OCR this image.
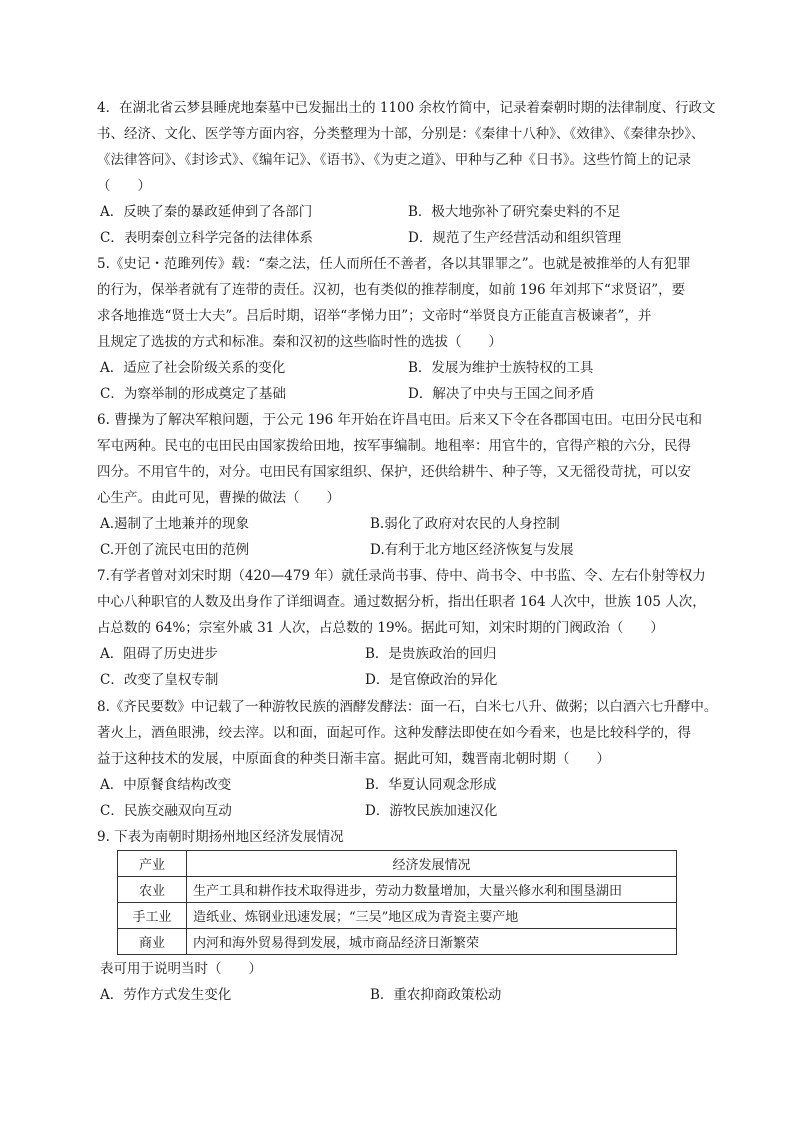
4．在湖北省云梦县睡虎地秦墓中已发掘出土的 1100 余枚竹简中，记录着秦朝时期的法律制度、行政文
书、经济、文化、医学等方面内容，分类整理为十部，分别是：《秦律十八种》、《效律》、《秦律杂抄》、
《法律答问》、《封诊式》、《编年记》、《语书》、《为吏之道》、甲种与乙种《日书》。这些竹简上的记录
（　　）
A．反映了秦的暴政延伸到了各部门	B．极大地弥补了研究秦史料的不足
C．表明秦创立科学完备的法律体系	D．规范了生产经营活动和组织管理
5.《史记・范雎列传》载：“秦之法，任人而所任不善者，各以其罪罪之”。也就是被推举的人有犯罪
的行为，保举者就有了连带的责任。汉初，也有类似的推荐制度，如前 196 年刘邦下“求贤诏”，要
求各地推选“贤士大夫”。吕后时期，诏举“孝悌力田”；文帝时“举贤良方正能直言极谏者”，并
且规定了选拔的方式和标准。秦和汉初的这些临时性的选拔（　　）
A．适应了社会阶级关系的变化	B．发展为维护士族特权的工具
C．为察举制的形成奠定了基础	D．解决了中央与王国之间矛盾
6. 曹操为了解决军粮问题，于公元 196 年开始在许昌屯田。后来又下令在各郡国屯田。屯田分民屯和
军屯两种。民屯的屯田民由国家拨给田地，按军事编制。地租率：用官牛的，官得产粮的六分，民得
四分。不用官牛的，对分。屯田民有国家组织、保护，还供给耕牛、种子等，又无徭役苛扰，可以安
心生产。由此可见，曹操的做法（　　）
A.遏制了土地兼并的现象	B.弱化了政府对农民的人身控制
C.开创了流民屯田的范例	D.有利于北方地区经济恢复与发展
7.有学者曾对刘宋时期（420—479 年）就任录尚书事、侍中、尚书令、中书监、令、左右仆射等权力
中心八种职官的人数及出身作了详细调查。通过数据分析，指出任职者 164 人次中，世族 105 人次，
占总数的 64%；宗室外戚 31 人次，占总数的 19%。据此可知，刘宋时期的门阀政治（　　）
A．阻碍了历史进步	B．是贵族政治的回归
C．改变了皇权专制	D．是官僚政治的异化
8.《齐民要数》中记载了一种游牧民族的酒酵发酵法：面一石，白米七八升、做粥；以白酒六七升酵中。
著火上，酒鱼眼沸，绞去滓。以和面，面起可作。这种发酵法即使在如今看来，也是比较科学的，得
益于这种技术的发展，中原面食的种类日渐丰富。据此可知，魏晋南北朝时期（　　）
A．中原餐食结构改变	B．华夏认同观念形成
C．民族交融双向互动	D．游牧民族加速汉化
9. 下表为南朝时期扬州地区经济发展情况
产业	经济发展情况
农业	生产工具和耕作技术取得进步，劳动力数量增加，大量兴修水利和围垦湖田
手工业	造纸业、炼钢业迅速发展；“三吴”地区成为青瓷主要产地
商业	内河和海外贸易得到发展，城市商品经济日渐繁荣
表可用于说明当时（　　）
A．劳作方式发生变化	B．重农抑商政策松动
